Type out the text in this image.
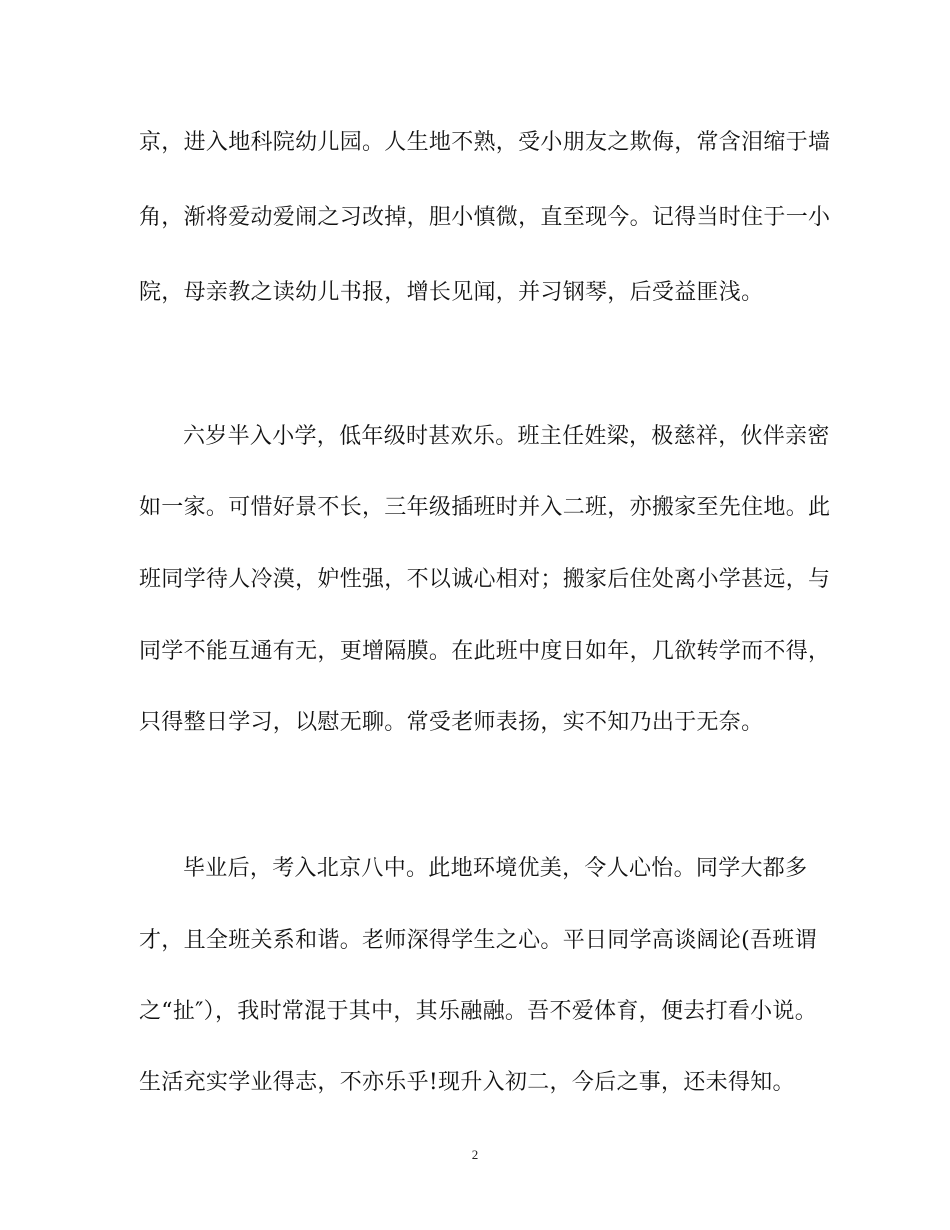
京，进入地科院幼儿园。人生地不熟，受小朋友之欺侮，常含泪缩于墙
角，渐将爱动爱闹之习改掉，胆小慎微，直至现今。记得当时住于一小
院，母亲教之读幼儿书报，增长见闻，并习钢琴，后受益匪浅。
六岁半入小学，低年级时甚欢乐。班主任姓梁，极慈祥，伙伴亲密
如一家。可惜好景不长，三年级插班时并入二班，亦搬家至先住地。此
班同学待人冷漠，妒性强，不以诚心相对；搬家后住处离小学甚远，与
同学不能互通有无，更增隔膜。在此班中度日如年，几欲转学而不得，
只得整日学习，以慰无聊。常受老师表扬，实不知乃出于无奈。
毕业后，考入北京八中。此地环境优美，令人心怡。同学大都多
才，且全班关系和谐。老师深得学生之心。平日同学高谈阔论(吾班谓
之“扯″），我时常混于其中，其乐融融。吾不爱体育，便去打看小说。
生活充实学业得志，不亦乐乎!现升入初二，今后之事，还未得知。
2
